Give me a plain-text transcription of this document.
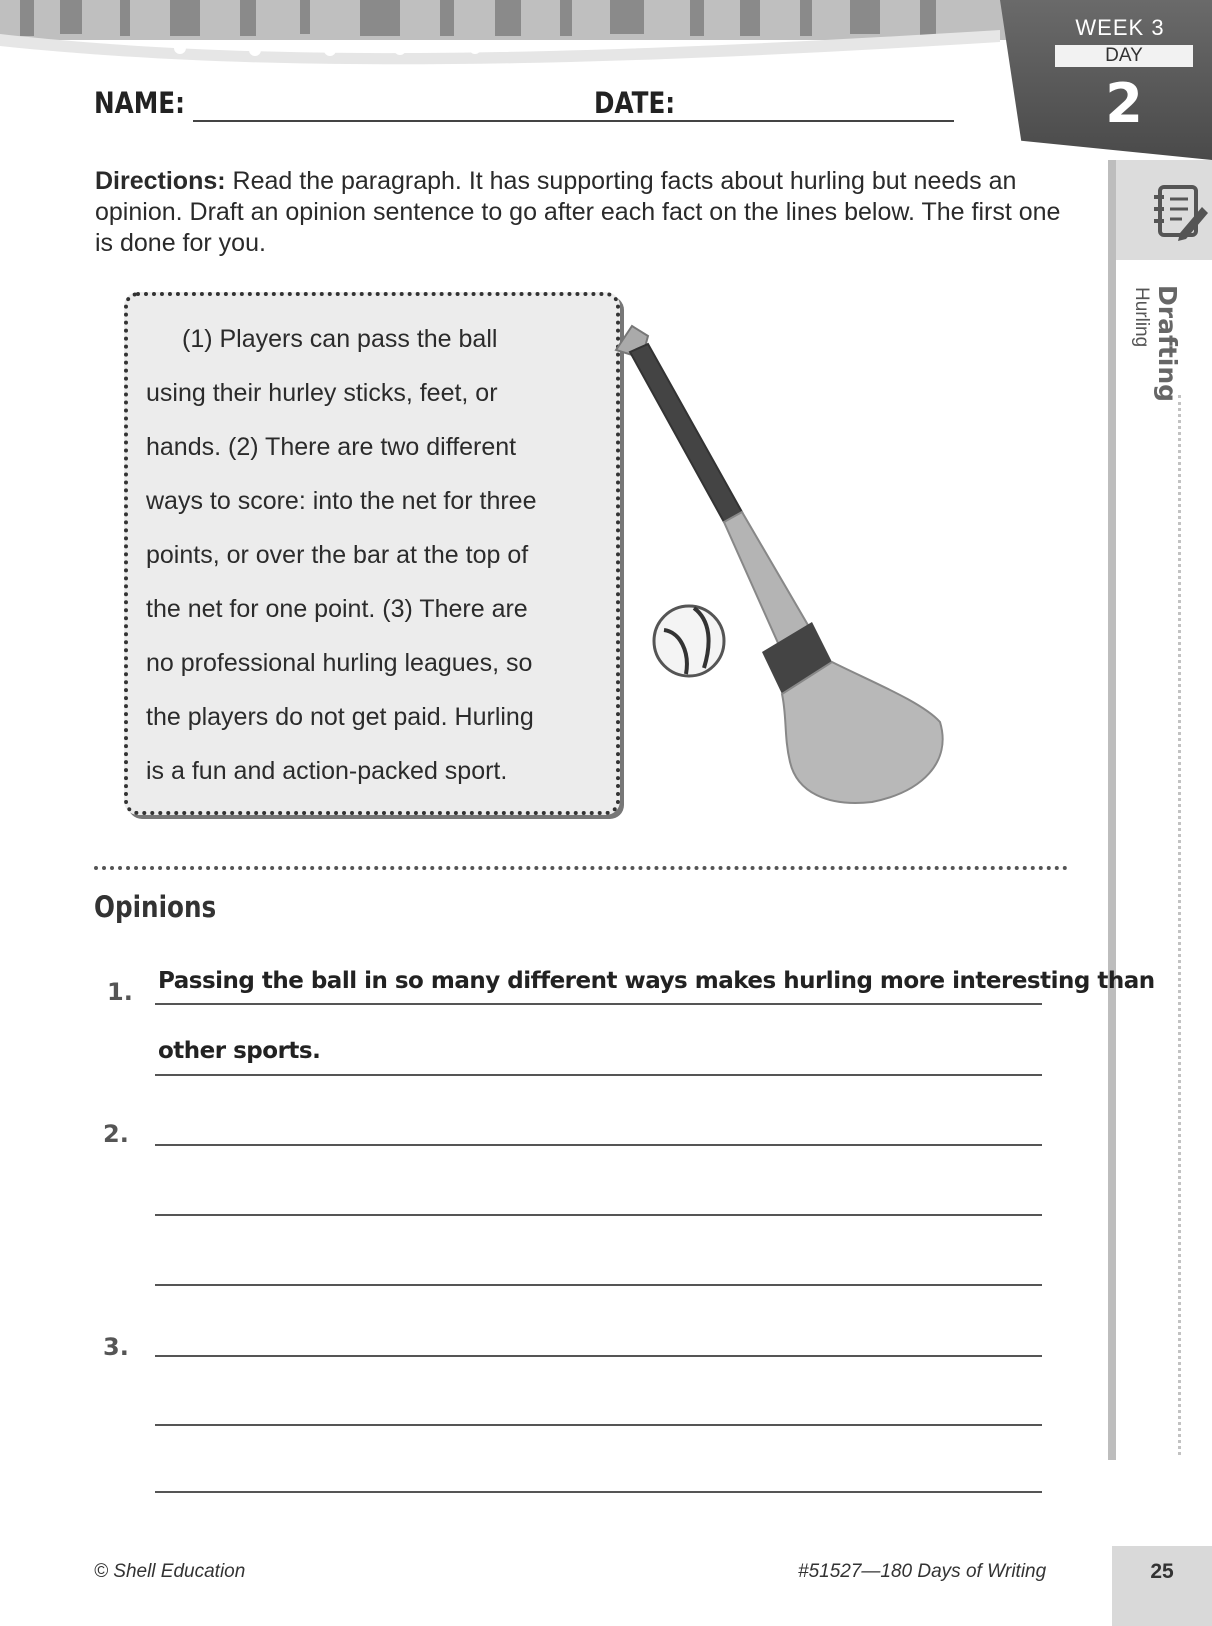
WEEK 3
DAY
2
Drafting
Hurling
NAME:	DATE:
Directions: Read the paragraph. It has supporting facts about hurling but needs an opinion. Draft an opinion sentence to go after each fact on the lines below. The first one is done for you.
(1) Players can pass the ball
using their hurley sticks, feet, or
hands. (2) There are two different
ways to score: into the net for three
points, or over the bar at the top of
the net for one point. (3) There are
no professional hurling leagues, so
the players do not get paid. Hurling
is a fun and action-packed sport.
Opinions
1. Passing the ball in so many different ways makes hurling more interesting than
other sports.
2.
3.
© Shell Education	#51527—180 Days of Writing	25
